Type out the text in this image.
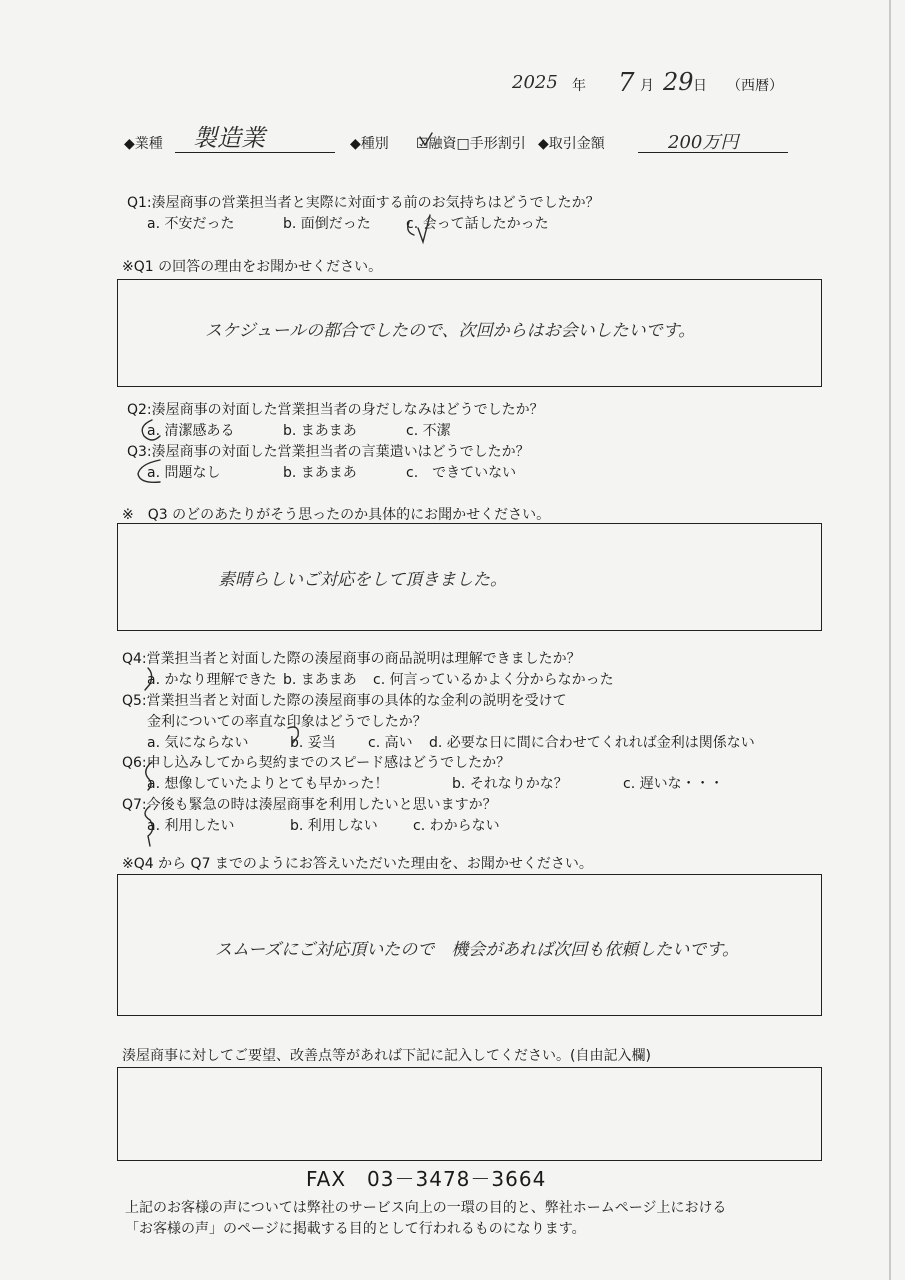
2025 年 7 月 29 日 （西暦）
◆業種 製造業	◆種別 ☑融資□手形割引 ◆取引金額	200万円
Q1:湊屋商事の営業担当者と実際に対面する前のお気持ちはどうでしたか？
a. 不安だった	b. 面倒だった	c. 会って話したかった
※Q1 の回答の理由をお聞かせください。
スケジュールの都合でしたので、次回からはお会いしたいです。
Q2:湊屋商事の対面した営業担当者の身だしなみはどうでしたか？
a. 清潔感ある	b. まあまあ	c. 不潔
Q3:湊屋商事の対面した営業担当者の言葉遣いはどうでしたか？
a. 問題なし	b. まあまあ	c.　できていない
※　Q3 のどのあたりがそう思ったのか具体的にお聞かせください。
素晴らしいご対応をして頂きました。
Q4:営業担当者と対面した際の湊屋商事の商品説明は理解できましたか？
a. かなり理解できた b. まあまあ c. 何言っているかよく分からなかった
Q5:営業担当者と対面した際の湊屋商事の具体的な金利の説明を受けて
金利についての率直な印象はどうでしたか？
a. 気にならない	b. 妥当 c. 高い d. 必要な日に間に合わせてくれれば金利は関係ない
Q6:申し込みしてから契約までのスピード感はどうでしたか？
a. 想像していたよりとても早かった！	b. それなりかな？	c. 遅いな・・・
Q7:今後も緊急の時は湊屋商事を利用したいと思いますか？
a. 利用したい	b. 利用しない	c. わからない
※Q4 から Q7 までのようにお答えいただいた理由を、お聞かせください。
スムーズにご対応頂いたので　機会があれば次回も依頼したいです。
湊屋商事に対してご要望、改善点等があれば下記に記入してください。(自由記入欄)
FAX　03－3478－3664
上記のお客様の声については弊社のサービス向上の一環の目的と、弊社ホームページ上における
「お客様の声」のページに掲載する目的として行われるものになります。
